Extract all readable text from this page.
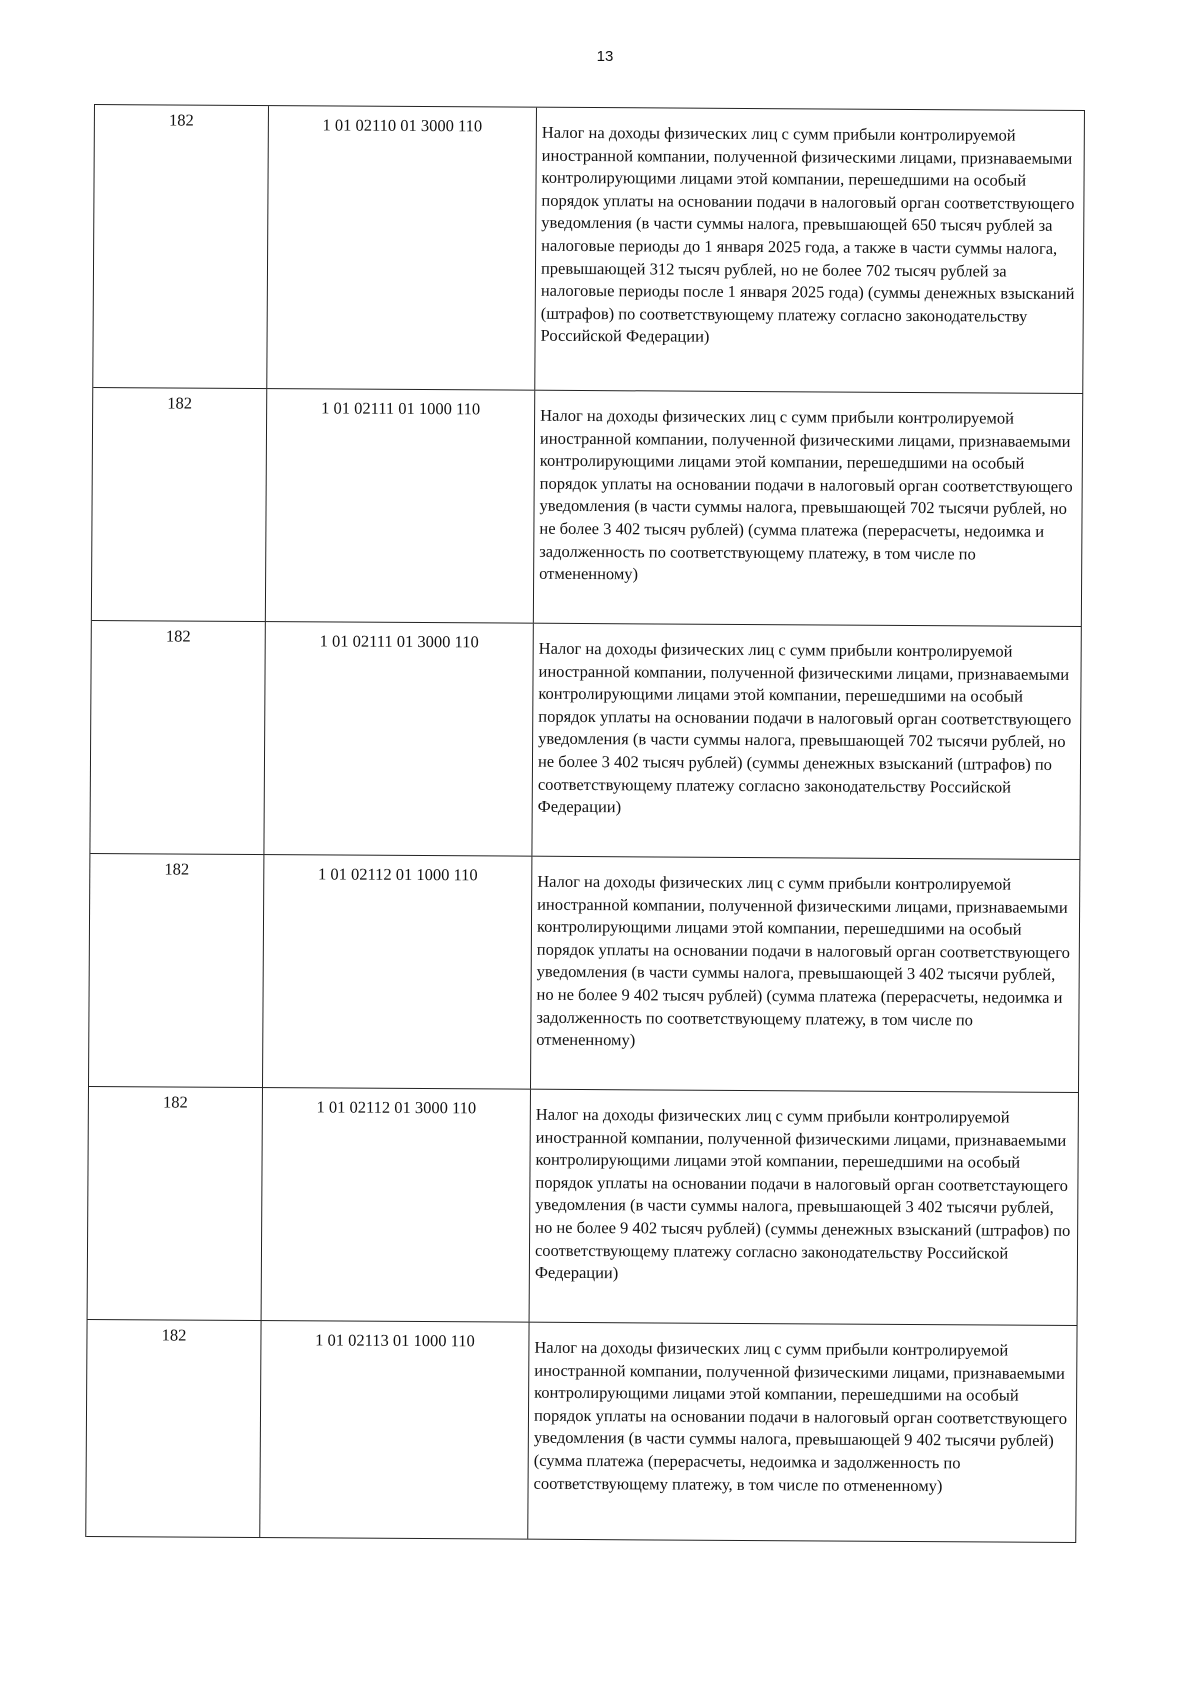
13
182	1 01 02110 01 3000 110	Налог на доходы физических лиц с сумм прибыли контролируемой иностранной компании, полученной физическими лицами, признаваемыми контролирующими лицами этой компании, перешедшими на особый порядок уплаты на основании подачи в налоговый орган соответствующего уведомления (в части суммы налога, превышающей 650 тысяч рублей за налоговые периоды до 1 января 2025 года, а также в части суммы налога, превышающей 312 тысяч рублей, но не более 702 тысяч рублей за налоговые периоды после 1 января 2025 года) (суммы денежных взысканий (штрафов) по соответствующему платежу согласно законодательству Российской Федерации)
182	1 01 02111 01 1000 110	Налог на доходы физических лиц с сумм прибыли контролируемой иностранной компании, полученной физическими лицами, признаваемыми контролирующими лицами этой компании, перешедшими на особый порядок уплаты на основании подачи в налоговый орган соответствующего уведомления (в части суммы налога, превышающей 702 тысячи рублей, но не более 3 402 тысяч рублей) (сумма платежа (перерасчеты, недоимка и задолженность по соответствующему платежу, в том числе по отмененному)
182	1 01 02111 01 3000 110	Налог на доходы физических лиц с сумм прибыли контролируемой иностранной компании, полученной физическими лицами, признаваемыми контролирующими лицами этой компании, перешедшими на особый порядок уплаты на основании подачи в налоговый орган соответствующего уведомления (в части суммы налога, превышающей 702 тысячи рублей, но не более 3 402 тысяч рублей) (суммы денежных взысканий (штрафов) по соответствующему платежу согласно законодательству Российской Федерации)
182	1 01 02112 01 1000 110	Налог на доходы физических лиц с сумм прибыли контролируемой иностранной компании, полученной физическими лицами, признаваемыми контролирующими лицами этой компании, перешедшими на особый порядок уплаты на основании подачи в налоговый орган соответствующего уведомления (в части суммы налога, превышающей 3 402 тысячи рублей, но не более 9 402 тысяч рублей) (сумма платежа (перерасчеты, недоимка и задолженность по соответствующему платежу, в том числе по отмененному)
182	1 01 02112 01 3000 110	Налог на доходы физических лиц с сумм прибыли контролируемой иностранной компании, полученной физическими лицами, признаваемыми контролирующими лицами этой компании, перешедшими на особый порядок уплаты на основании подачи в налоговый орган соответстаующего уведомления (в части суммы налога, превышающей 3 402 тысячи рублей, но не более 9 402 тысяч рублей) (суммы денежных взысканий (штрафов) по соответствующему платежу согласно законодательству Российской Федерации)
182	1 01 02113 01 1000 110	Налог на доходы физических лиц с сумм прибыли контролируемой иностранной компании, полученной физическими лицами, признаваемыми контролирующими лицами этой компании, перешедшими на особый порядок уплаты на основании подачи в налоговый орган соответствующего уведомления (в части суммы налога, превышающей 9 402 тысячи рублей) (сумма платежа (перерасчеты, недоимка и задолженность по соответствующему платежу, в том числе по отмененному)
